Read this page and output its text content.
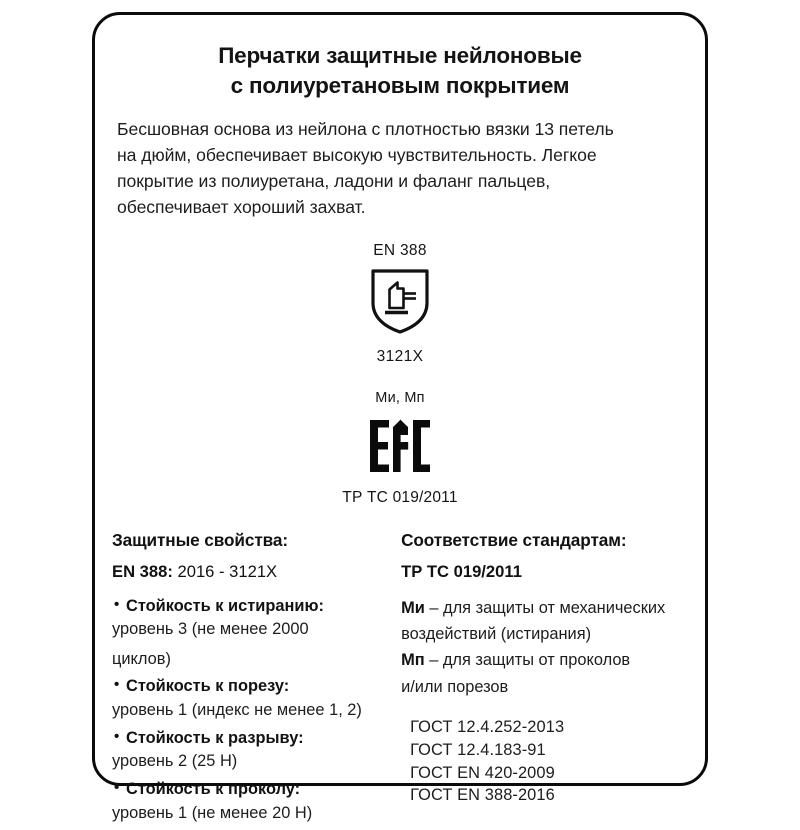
Перчатки защитные нейлоновые
с полиуретановым покрытием

Бесшовная основа из нейлона с плотностью вязки 13 петель
на дюйм, обеспечивает высокую чувствительность. Легкое
покрытие из полиуретана, ладони и фаланг пальцев,
обеспечивает хороший захват.

EN 388
3121X
Ми, Мп
ТР ТС 019/2011
Защитные свойства:
EN 388: 2016 - 3121X
• Стойкость к истиранию:
уровень 3 (не менее 2000
циклов)
• Стойкость к порезу:
уровень 1 (индекс не менее 1, 2)
• Стойкость к разрыву:
уровень 2 (25 Н)
• Стойкость к проколу:
уровень 1 (не менее 20 Н)
Соответствие стандартам:
ТР ТС 019/2011
Ми – для защиты от механических
воздействий (истирания)
Мп – для защиты от проколов
и/или порезов
ГОСТ 12.4.252-2013
ГОСТ 12.4.183-91
ГОСТ EN 420-2009
ГОСТ EN 388-2016
